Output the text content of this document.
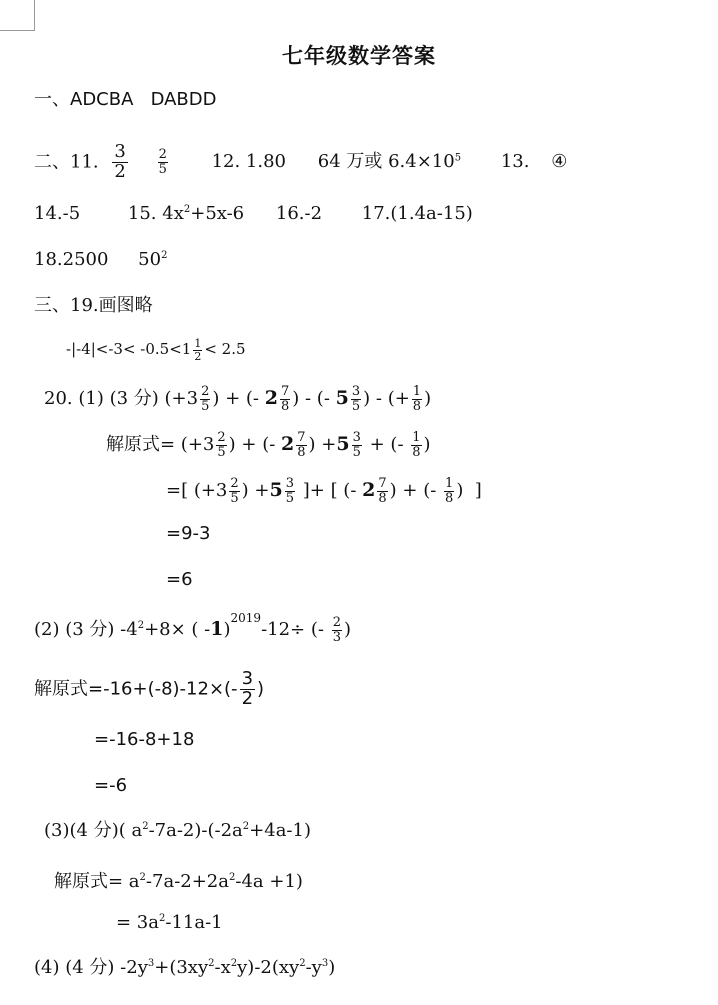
七年级数学答案
一、ADCBA   DABDD
二、11. $\frac{3}{2}$
$\frac{2}{5} 12$. 1.80 64 万或 $6.4\times 10^5$ 13. ④
14.-5	15. $4x^2+5x-6$ 16.-2 17.(1.4a-15)
18.2500 $50^2$
三、19.画图略
$-|-4|<-3< -0.5<1 \frac{1}{2} < 2.5$
20. (1) (3 分) ($+3 \frac{2}{5}$ ) + (- $2 \frac{7}{8}$ ) - (- $5 \frac{3}{5}$ ) - (+ $\frac{1}{8}$ )
解原式= ($+3 \frac{2}{5}$ ) + (- $2 \frac{7}{8}$ ) $+5 \frac{3}{5}$ + (- $\frac{1}{8}$ )
=[ ($+3 \frac{2}{5}$ ) $+5 \frac{3}{5}$ ]+ [ (- $2 \frac{7}{8}$ ) + (- $\frac{1}{8}$ )  ]
=9-3
=6
(2) (3 分) $-4^2+8\times$ ( -1)$^{2019}$-12÷ (- $\frac{2}{3}$ )
解原式$=-16+(-8)-12\times(- \frac{3}{2}$ )
=-16-8+18
=-6
(3)(4 分)( $a^2-7a-2)-(-2a^2+4a-1)$
解原式= $a^2-7a-2+2a^2-4a +1$)
= $3a^2-11a-1$
(4) (4 分) $-2y^3+(3xy^2-x^2y)-2(xy^2-y^3)$
